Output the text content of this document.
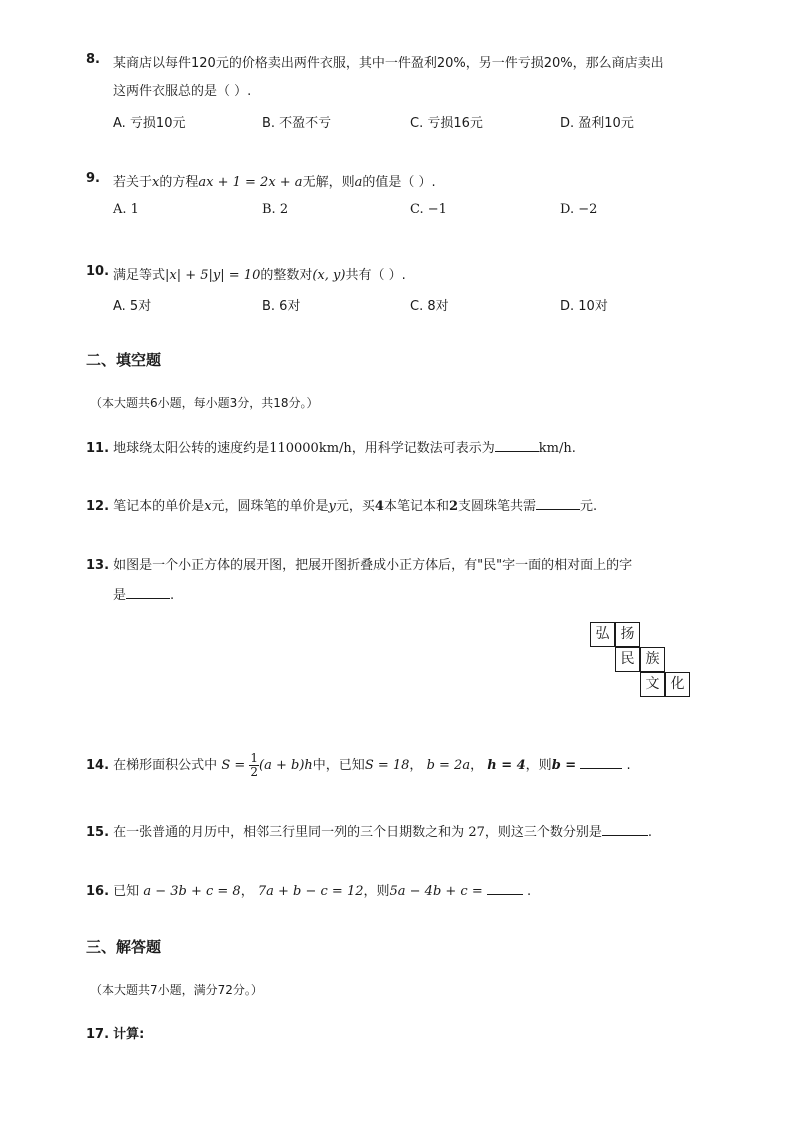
8. 某商店以每件120元的价格卖出两件衣服，其中一件盈利20%，另一件亏损20%，那么商店卖出
这两件衣服总的是（ ）.
A. 亏损10元	B. 不盈不亏	C. 亏损16元	D. 盈利10元
9. 若关于x的方程ax + 1 = 2x + a无解，则a的值是（ ）.
A. 1	B. 2	C. −1	D. −2
10. 满足等式|x| + 5|y| = 10的整数对(x, y)共有（ ）.
A. 5对	B. 6对	C. 8对	D. 10对
二、填空题
（本大题共6小题，每小题3分，共18分。）
11. 地球绕太阳公转的速度约是110000km/h，用科学记数法可表示为	km/h.
12. 笔记本的单价是x元，圆珠笔的单价是y元，买4本笔记本和2支圆珠笔共需	元.
13. 如图是一个小正方体的展开图，把展开图折叠成小正方体后，有"民"字一面的相对面上的字
是	.
弘 扬
民 族
文 化
14. 在梯形面积公式中 $S = \frac{1}{2} (a + b)h$中，已知S = 18， b = 2a， h = 4，则b =	.
15. 在一张普通的月历中，相邻三行里同一列的三个日期数之和为 27，则这三个数分别是	.
16. 已知 a − 3b + c = 8， 7a + b − c = 12，则5a − 4b + c =	.
三、解答题
（本大题共7小题，满分72分。）
17. 计算:
